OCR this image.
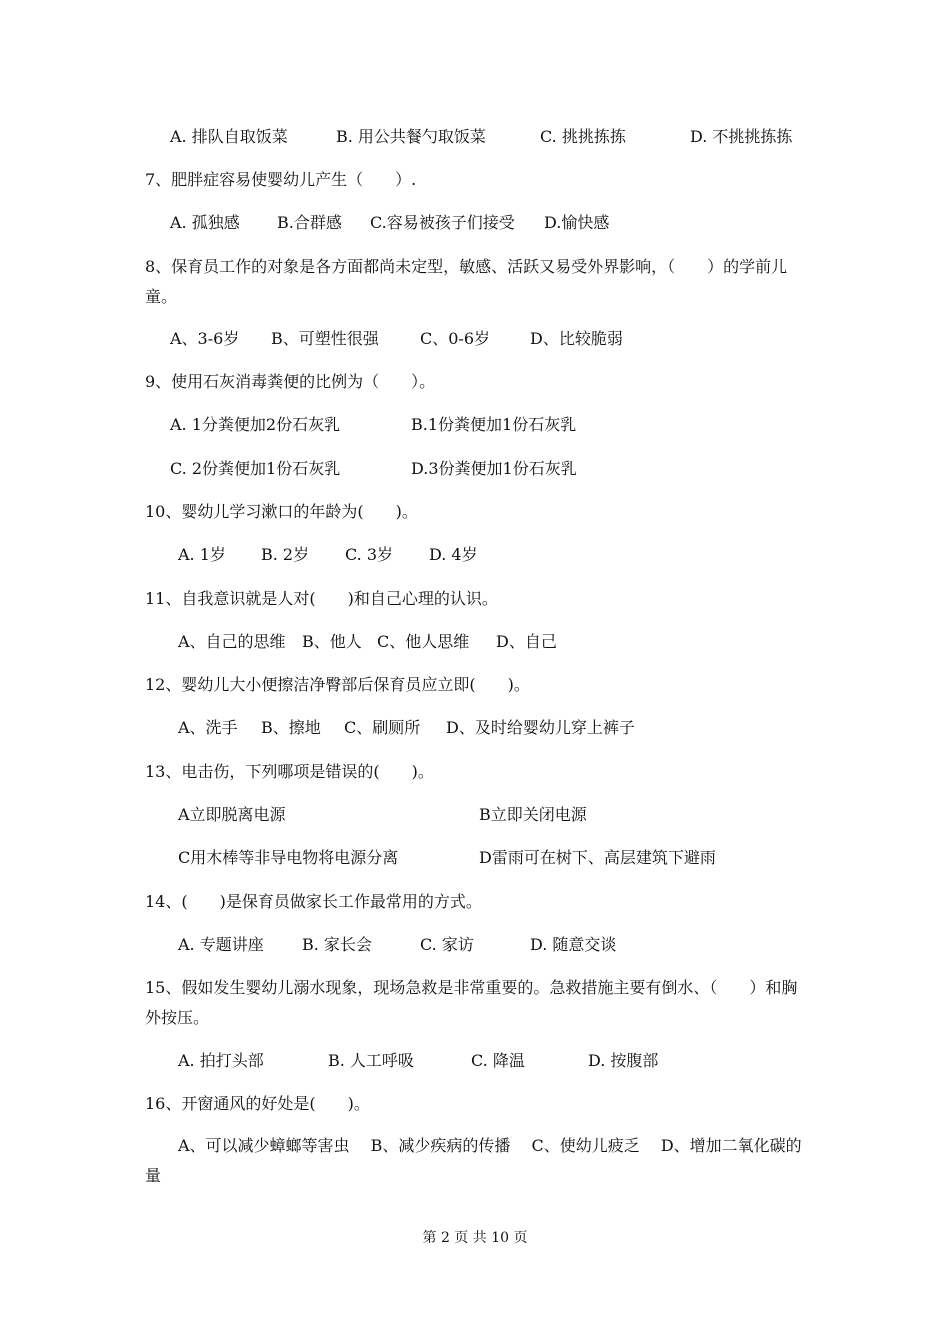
A. 排队自取饭菜	B. 用公共餐勺取饭菜	C. 挑挑拣拣	D. 不挑挑拣拣
7、肥胖症容易使婴幼儿产生（　　）.
A. 孤独感 B.合群感 C.容易被孩子们接受 D.愉快感
8、保育员工作的对象是各方面都尚未定型，敏感、活跃又易受外界影响，（　　）的学前儿童。
A、3-6岁 B、可塑性很强	C、0-6岁 D、比较脆弱
9、使用石灰消毒粪便的比例为（　　）。
A. 1分粪便加2份石灰乳	B.1份粪便加1份石灰乳
C. 2份粪便加1份石灰乳	D.3份粪便加1份石灰乳
10、婴幼儿学习漱口的年龄为(　　)。
A. 1岁 B. 2岁 C. 3岁 D. 4岁
11、自我意识就是人对(　　)和自己心理的认识。
A、自己的思维 B、他人 C、他人思维 D、自己
12、婴幼儿大小便擦洁净臀部后保育员应立即(　　)。
A、洗手 B、擦地 C、刷厕所 D、及时给婴幼儿穿上裤子
13、电击伤，下列哪项是错误的(　　)。
A立即脱离电源	B立即关闭电源
C用木棒等非导电物将电源分离	D雷雨可在树下、高层建筑下避雨
14、(　　)是保育员做家长工作最常用的方式。
A. 专题讲座 B. 家长会	C. 家访	D. 随意交谈
15、假如发生婴幼儿溺水现象，现场急救是非常重要的。急救措施主要有倒水、（　　）和胸外按压。
A. 拍打头部	B. 人工呼吸	C. 降温	D. 按腹部
16、开窗通风的好处是(　　)。
A、可以减少蟑螂等害虫　 B、减少疾病的传播　 C、使幼儿疲乏　 D、增加二氧化碳的量
第 2 页 共 10 页
